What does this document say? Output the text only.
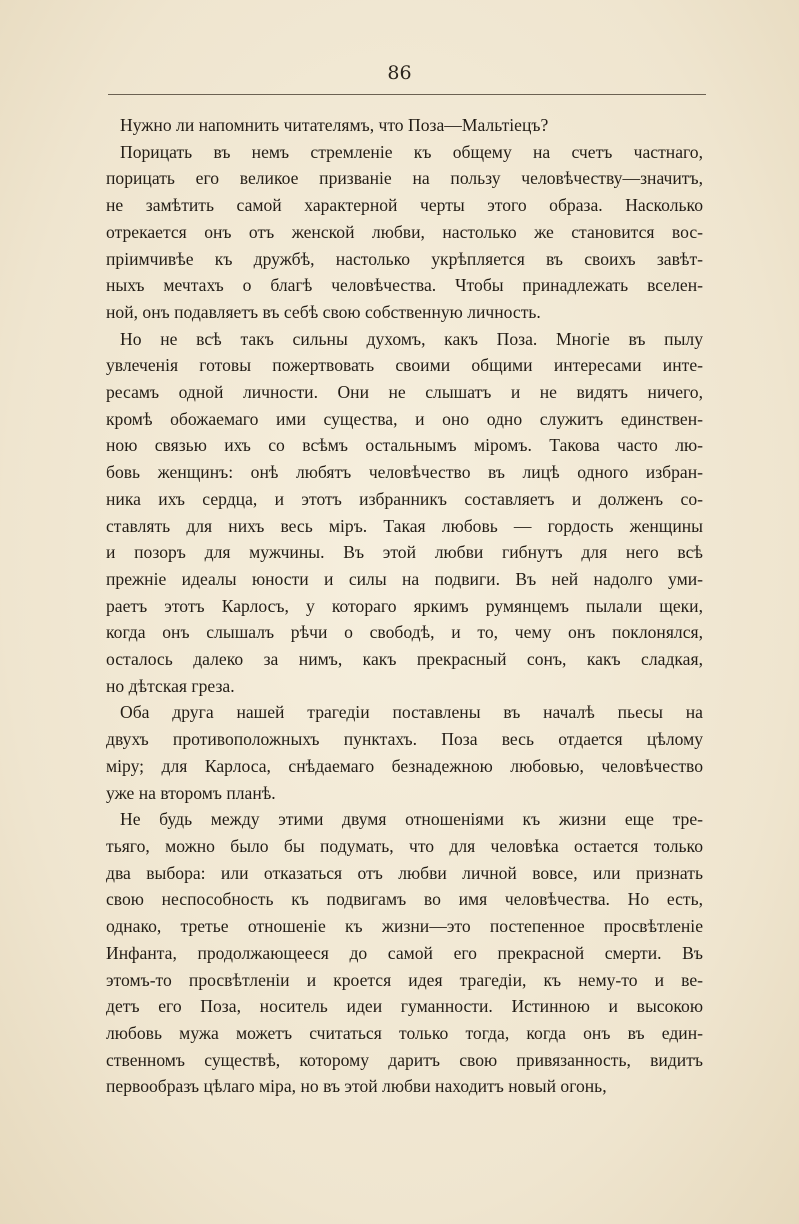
86

Нужно ли напомнить читателямъ, что Поза—Мальтiецъ?

Порицать въ немъ стремленiе къ общему на счетъ частнаго,
порицать его великое призванiе на пользу человѣчеству—значитъ,
не замѣтить самой характерной черты этого образа. Насколько
отрекается онъ отъ женской любви, настолько же становится вос-
прiимчивѣе къ дружбѣ, настолько укрѣпляется въ своихъ завѣт-
ныхъ мечтахъ о благѣ человѣчества. Чтобы принадлежать вселен-
ной, онъ подавляетъ въ себѣ свою собственную личность.

Но не всѣ такъ сильны духомъ, какъ Поза. Многiе въ пылу
увлеченiя готовы пожертвовать своими общими интересами инте-
ресамъ одной личности. Они не слышатъ и не видятъ ничего,
кромѣ обожаемаго ими существа, и оно одно служитъ единствен-
ною связью ихъ со всѣмъ остальнымъ мiромъ. Такова часто лю-
бовь женщинъ: онѣ любятъ человѣчество въ лицѣ одного избран-
ника ихъ сердца, и этотъ избранникъ составляетъ и долженъ со-
ставлять для нихъ весь мiръ. Такая любовь — гордость женщины
и позоръ для мужчины. Въ этой любви гибнутъ для него всѣ
прежнiе идеалы юности и силы на подвиги. Въ ней надолго уми-
раетъ этотъ Карлосъ, у котораго яркимъ румянцемъ пылали щеки,
когда онъ слышалъ рѣчи о свободѣ, и то, чему онъ поклонялся,
осталось далеко за нимъ, какъ прекрасный сонъ, какъ сладкая,
но дѣтская греза.

Оба друга нашей трагедiи поставлены въ началѣ пьесы на
двухъ противоположныхъ пунктахъ. Поза весь отдается цѣлому
мiру; для Карлоса, снѣдаемаго безнадежною любовью, человѣчество
уже на второмъ планѣ.

Не будь между этими двумя отношенiями къ жизни еще тре-
тьяго, можно было бы подумать, что для человѣка остается только
два выбора: или отказаться отъ любви личной вовсе, или признать
свою неспособность къ подвигамъ во имя человѣчества. Но есть,
однако, третье отношенiе къ жизни—это постепенное просвѣтленiе
Инфанта, продолжающееся до самой его прекрасной смерти. Въ
этомъ-то просвѣтленiи и кроется идея трагедiи, къ нему-то и ве-
детъ его Поза, носитель идеи гуманности. Истинною и высокою
любовь мужа можетъ считаться только тогда, когда онъ въ един-
ственномъ существѣ, которому даритъ свою привязанность, видитъ
первообразъ цѣлаго мiра, но въ этой любви находитъ новый огонь,
